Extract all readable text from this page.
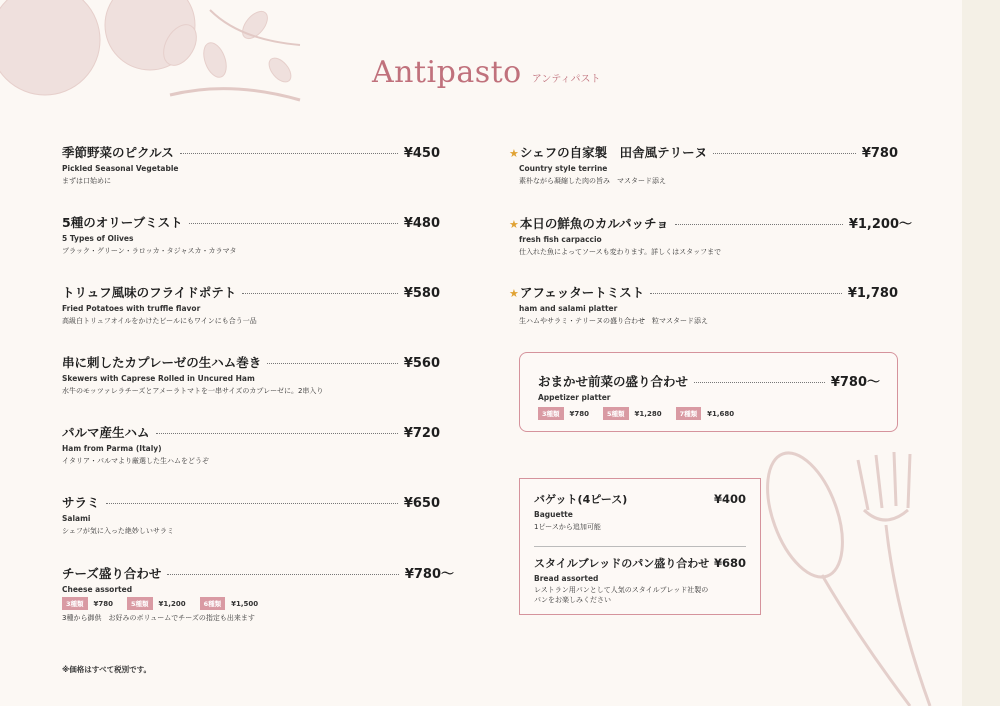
Antipasto アンティパスト
季節野菜のピクルス	¥450
Pickled Seasonal Vegetable
まずは口始めに
5種のオリーブミスト	¥480
5 Types of Olives
ブラック・グリーン・ラロッカ・タジャスカ・カラマタ
トリュフ風味のフライドポテト	¥580
Fried Potatoes with truffle flavor
高級白トリュフオイルをかけたビールにもワインにも合う一品
串に刺したカプレーゼの生ハム巻き	¥560
Skewers with Caprese Rolled in Uncured Ham
水牛のモッツァレラチーズとアメーラトマトを一串サイズのカプレーゼに。2串入り
パルマ産生ハム	¥720
Ham from Parma (Italy)
イタリア・パルマより厳選した生ハムをどうぞ
サラミ	¥650
Salami
シェフが気に入った絶妙しいサラミ
チーズ盛り合わせ	¥780〜
Cheese assorted
3種類	¥780	5種類	¥1,200	6種類	¥1,500
3種から御供　お好みのボリュームでチーズの指定も出来ます
★ シェフの自家製　田舎風テリーヌ	¥780
Country style terrine
素朴ながら凝縮した肉の旨み　マスタード添え
★ 本日の鮮魚のカルパッチョ	¥1,200〜
fresh fish carpaccio
仕入れた魚によってソースも変わります。詳しくはスタッフまで
★ アフェッタートミスト	¥1,780
ham and salami platter
生ハムやサラミ・テリーヌの盛り合わせ　粒マスタード添え
おまかせ前菜の盛り合わせ	¥780〜
Appetizer platter
3種類	¥780	5種類	¥1,280	7種類	¥1,680
バゲット(4ピース)	¥400
Baguette
1ピースから追加可能
スタイルブレッドのパン盛り合わせ ¥680
Bread assorted
レストラン用パンとして人気のスタイルブレッド社製の
パンをお楽しみください
※価格はすべて税別です。
